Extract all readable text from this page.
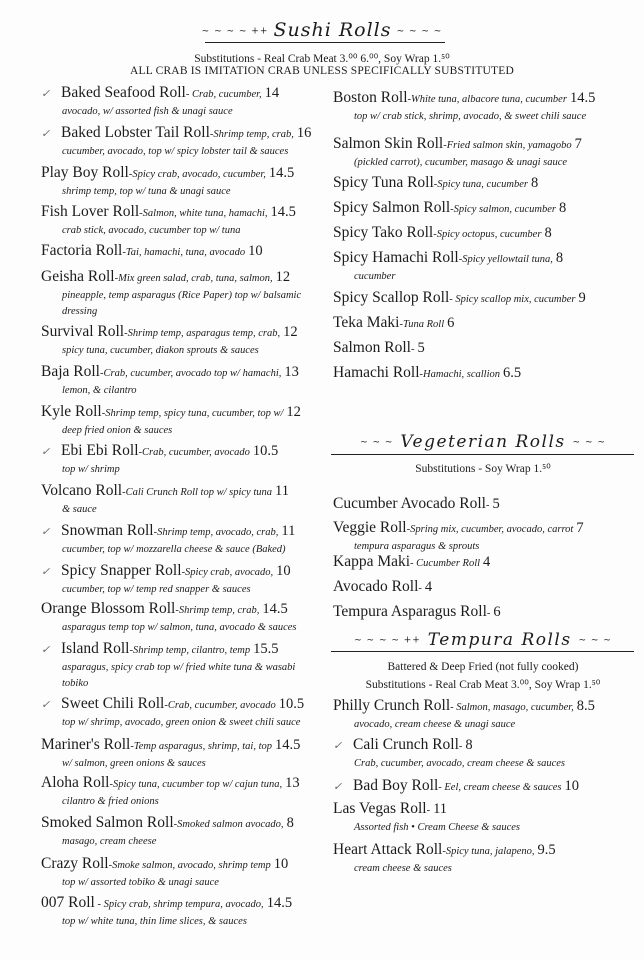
~ ~ ~ ~ ++ Sushi Rolls ~ ~ ~ ~
Substitutions - Real Crab Meat 3.⁰⁰ 6.⁰⁰, Soy Wrap 1.⁵⁰
ALL CRAB IS IMITATION CRAB UNLESS SPECIFICALLY SUBSTITUTED
✓ Baked Seafood Roll- Crab, cucumber, 14
avocado, w/ assorted fish & unagi sauce
✓ Baked Lobster Tail Roll-Shrimp temp, crab, 16
cucumber, avocado, top w/ spicy lobster tail & sauces
Play Boy Roll-Spicy crab, avocado, cucumber, 14.5
shrimp temp, top w/ tuna & unagi sauce
Fish Lover Roll-Salmon, white tuna, hamachi, 14.5
crab stick, avocado, cucumber top w/ tuna
Factoria Roll-Tai, hamachi, tuna, avocado 10
Geisha Roll-Mix green salad, crab, tuna, salmon, 12
pineapple, temp asparagus (Rice Paper) top w/ balsamic
dressing
Survival Roll-Shrimp temp, asparagus temp, crab, 12
spicy tuna, cucumber, diakon sprouts & sauces
Baja Roll-Crab, cucumber, avocado top w/ hamachi, 13
lemon, & cilantro
Kyle Roll-Shrimp temp, spicy tuna, cucumber, top w/ 12
deep fried onion & sauces
✓ Ebi Ebi Roll-Crab, cucumber, avocado 10.5
top w/ shrimp
Volcano Roll-Cali Crunch Roll top w/ spicy tuna 11
& sauce
✓ Snowman Roll-Shrimp temp, avocado, crab, 11
cucumber, top w/ mozzarella cheese & sauce (Baked)
✓ Spicy Snapper Roll-Spicy crab, avocado, 10
cucumber, top w/ temp red snapper & sauces
Orange Blossom Roll-Shrimp temp, crab, 14.5
asparagus temp top w/ salmon, tuna, avocado & sauces
✓ Island Roll-Shrimp temp, cilantro, temp 15.5
asparagus, spicy crab top w/ fried white tuna & wasabi
tobiko
✓ Sweet Chili Roll-Crab, cucumber, avocado 10.5
top w/ shrimp, avocado, green onion & sweet chili sauce
Mariner's Roll-Temp asparagus, shrimp, tai, top 14.5
w/ salmon, green onions & sauces
Aloha Roll-Spicy tuna, cucumber top w/ cajun tuna, 13
cilantro & fried onions
Smoked Salmon Roll-Smoked salmon avocado, 8
masago, cream cheese
Crazy Roll-Smoke salmon, avocado, shrimp temp 10
top w/ assorted tobiko & unagi sauce
007 Roll - Spicy crab, shrimp tempura, avocado, 14.5
top w/ white tuna, thin lime slices, & sauces
Boston Roll-White tuna, albacore tuna, cucumber 14.5
top w/ crab stick, shrimp, avocado, & sweet chili sauce
Salmon Skin Roll-Fried salmon skin, yamagobo 7
(pickled carrot), cucumber, masago & unagi sauce
Spicy Tuna Roll-Spicy tuna, cucumber 8
Spicy Salmon Roll-Spicy salmon, cucumber 8
Spicy Tako Roll-Spicy octopus, cucumber 8
Spicy Hamachi Roll-Spicy yellowtail tuna, 8
cucumber
Spicy Scallop Roll- Spicy scallop mix, cucumber 9
Teka Maki-Tuna Roll 6
Salmon Roll- 5
Hamachi Roll-Hamachi, scallion 6.5
~ ~ ~ Vegeterian Rolls ~ ~ ~
Substitutions - Soy Wrap 1.⁵⁰
Cucumber Avocado Roll- 5
Veggie Roll-Spring mix, cucumber, avocado, carrot 7
tempura asparagus & sprouts
Kappa Maki- Cucumber Roll 4
Avocado Roll- 4
Tempura Asparagus Roll- 6
~ ~ ~ ~ ++ Tempura Rolls ~ ~ ~
Battered & Deep Fried (not fully cooked)
Substitutions - Real Crab Meat 3.⁰⁰, Soy Wrap 1.⁵⁰
Philly Crunch Roll- Salmon, masago, cucumber, 8.5
avocado, cream cheese & unagi sauce
✓ Cali Crunch Roll- 8
Crab, cucumber, avocado, cream cheese & sauces
✓ Bad Boy Roll- Eel, cream cheese & sauces 10
Las Vegas Roll- 11
Assorted fish • Cream Cheese & sauces
Heart Attack Roll-Spicy tuna, jalapeno, 9.5
cream cheese & sauces
